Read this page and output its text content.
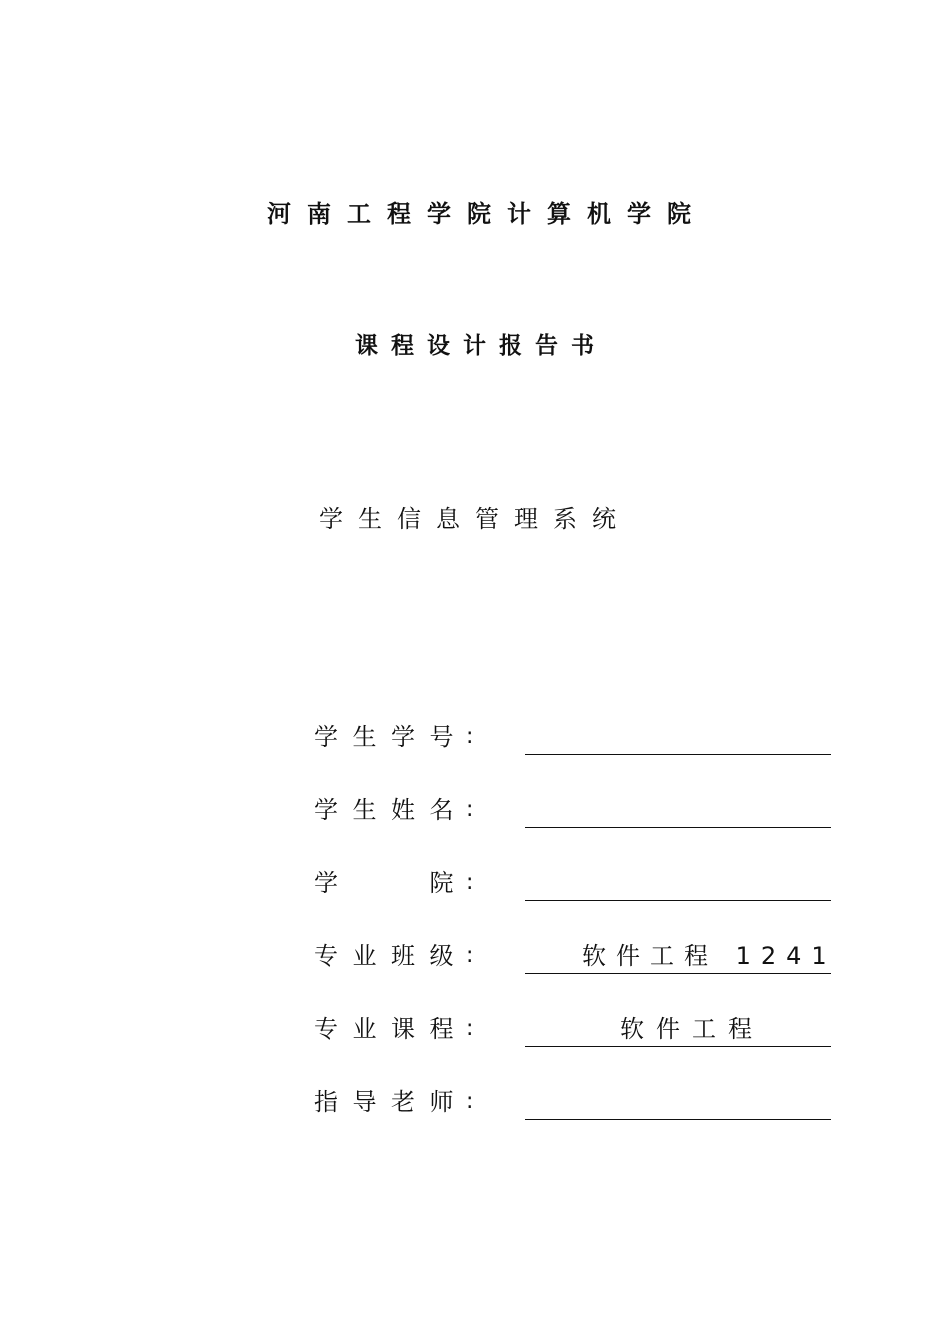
河南工程学院计算机学院
课程设计报告书
学生信息管理系统
学 生 学 号 :
学 生 姓 名 :
学	院 :
专 业 班 级 :	软件工程 1241
专 业 课 程 :	软件工程
指 导 老 师 :
